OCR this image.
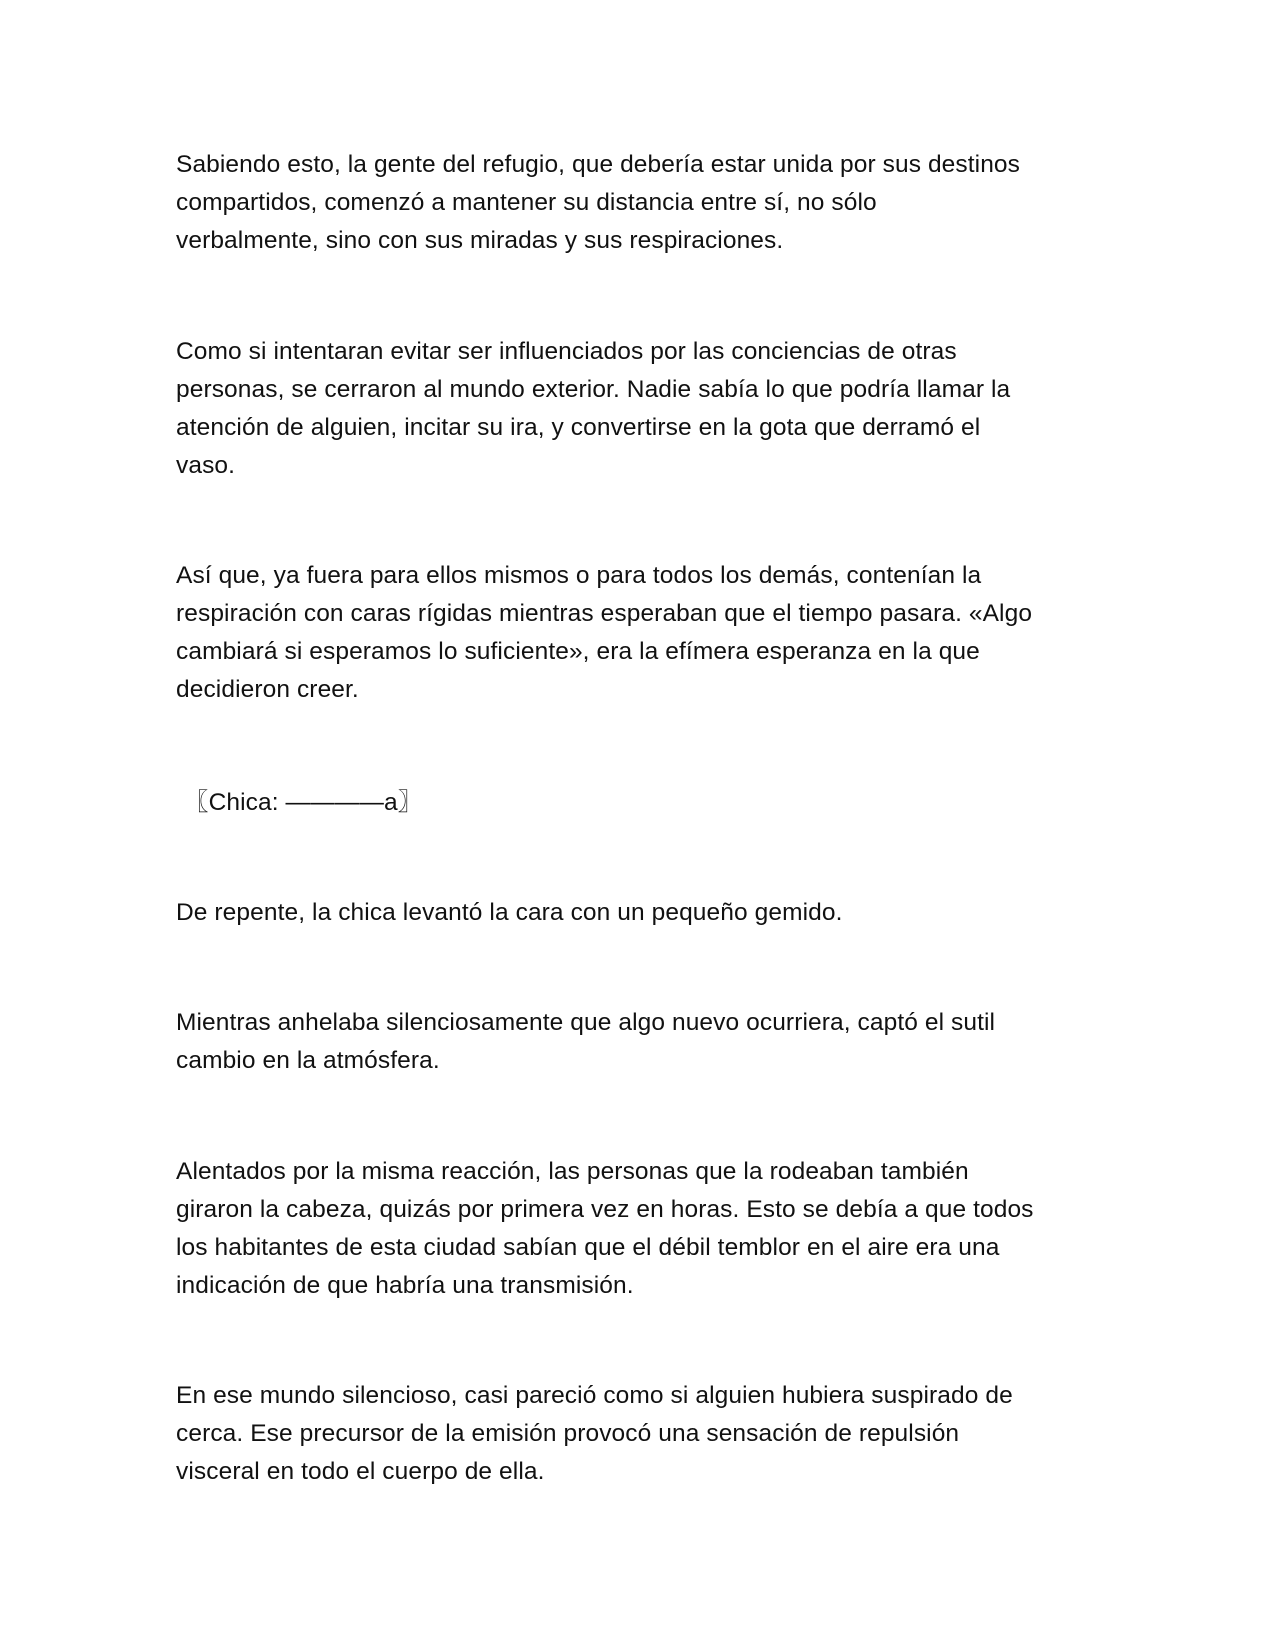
Sabiendo esto, la gente del refugio, que debería estar unida por sus destinos
compartidos, comenzó a mantener su distancia entre sí, no sólo
verbalmente, sino con sus miradas y sus respiraciones.

Como si intentaran evitar ser influenciados por las conciencias de otras
personas, se cerraron al mundo exterior. Nadie sabía lo que podría llamar la
atención de alguien, incitar su ira, y convertirse en la gota que derramó el
vaso.

Así que, ya fuera para ellos mismos o para todos los demás, contenían la
respiración con caras rígidas mientras esperaban que el tiempo pasara. «Algo
cambiará si esperamos lo suficiente», era la efímera esperanza en la que
decidieron creer.

〖Chica: ————a〗

De repente, la chica levantó la cara con un pequeño gemido.

Mientras anhelaba silenciosamente que algo nuevo ocurriera, captó el sutil
cambio en la atmósfera.

Alentados por la misma reacción, las personas que la rodeaban también
giraron la cabeza, quizás por primera vez en horas. Esto se debía a que todos
los habitantes de esta ciudad sabían que el débil temblor en el aire era una
indicación de que habría una transmisión.

En ese mundo silencioso, casi pareció como si alguien hubiera suspirado de
cerca. Ese precursor de la emisión provocó una sensación de repulsión
visceral en todo el cuerpo de ella.
